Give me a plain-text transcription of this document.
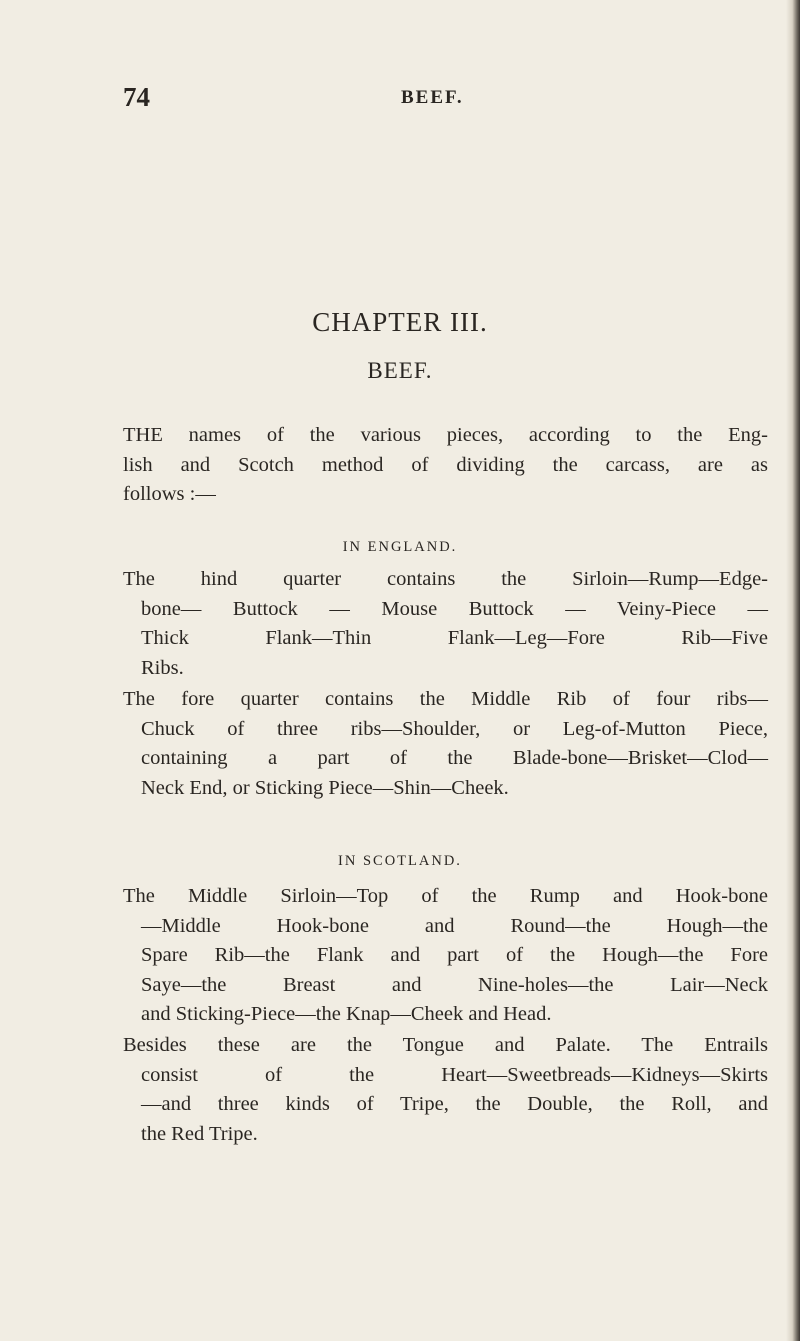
74	BEEF.
CHAPTER III.
BEEF.

THE names of the various pieces, according to the Eng-
lish and Scotch method of dividing the carcass, are as
follows :—

IN ENGLAND.

The hind quarter contains the Sirloin—Rump—Edge-
bone— Buttock — Mouse Buttock — Veiny-Piece —
Thick Flank—Thin Flank—Leg—Fore Rib—Five
Ribs.

The fore quarter contains the Middle Rib of four ribs—
Chuck of three ribs—Shoulder, or Leg-of-Mutton Piece,
containing a part of the Blade-bone—Brisket—Clod—
Neck End, or Sticking Piece—Shin—Cheek.

IN SCOTLAND.

The Middle Sirloin—Top of the Rump and Hook-bone
—Middle Hook-bone and Round—the Hough—the
Spare Rib—the Flank and part of the Hough—the Fore
Saye—the Breast and Nine-holes—the Lair—Neck
and Sticking-Piece—the Knap—Cheek and Head.

Besides these are the Tongue and Palate. The Entrails
consist of the Heart—Sweetbreads—Kidneys—Skirts
—and three kinds of Tripe, the Double, the Roll, and
the Red Tripe.
